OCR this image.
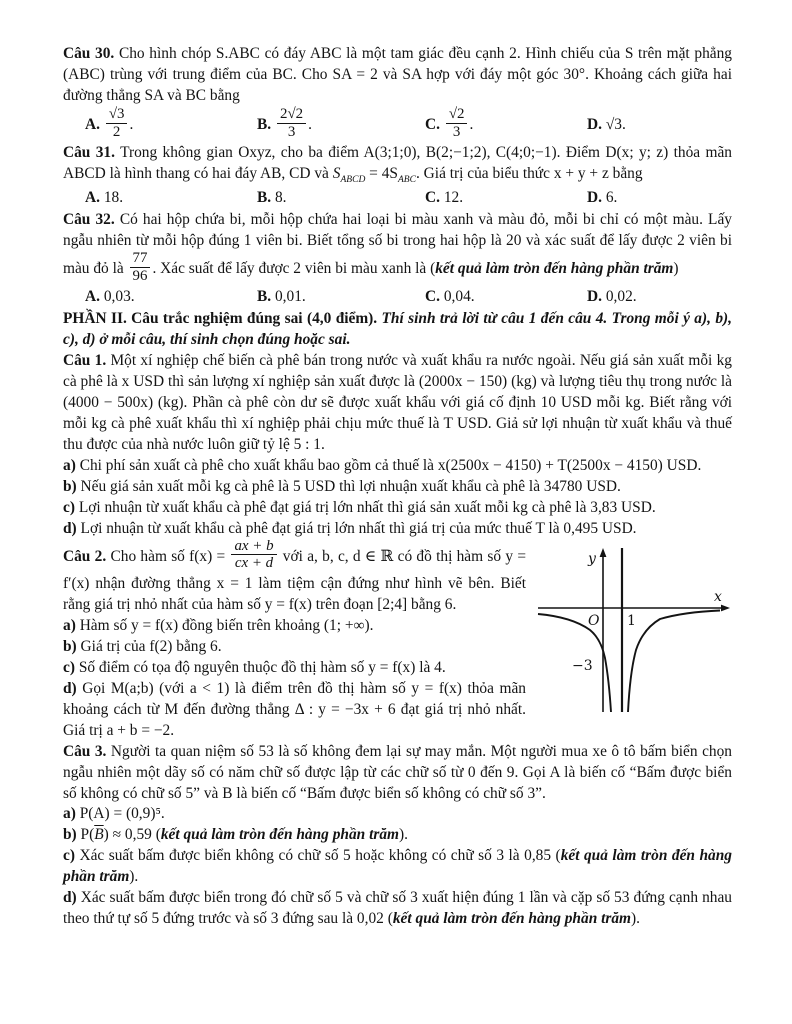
Câu 30. Cho hình chóp S.ABC có đáy ABC là một tam giác đều cạnh 2. Hình chiếu của S trên mặt phẳng (ABC) trùng với trung điểm của BC. Cho SA = 2 và SA hợp với đáy một góc 30°. Khoảng cách giữa hai đường thẳng SA và BC bằng

A. $\frac{√3}{2}$ .	B. $\frac{2√2}{3}$ .	C. $\frac{√2}{3}$ .	D. √3.

Câu 31. Trong không gian Oxyz, cho ba điểm A(3;1;0), B(2;−1;2), C(4;0;−1). Điểm D(x; y; z) thỏa mãn ABCD là hình thang có hai đáy AB, CD và $S_{ABCD} = 4S_{ABC}$. Giá trị của biểu thức x + y + z bằng

A. 18.	B. 8.	C. 12.	D. 6.

Câu 32. Có hai hộp chứa bi, mỗi hộp chứa hai loại bi màu xanh và màu đỏ, mỗi bi chỉ có một màu. Lấy ngẫu nhiên từ mỗi hộp đúng 1 viên bi. Biết tổng số bi trong hai hộp là 20 và xác suất để lấy được 2 viên bi màu đỏ là $\frac{77}{96}$ . Xác suất để lấy được 2 viên bi màu xanh là (kết quả làm tròn đến hàng phần trăm)

A. 0,03.	B. 0,01.	C. 0,04.	D. 0,02.

PHẦN II. Câu trắc nghiệm đúng sai (4,0 điểm). Thí sinh trả lời từ câu 1 đến câu 4. Trong mỗi ý a), b), c), d) ở mỗi câu, thí sinh chọn đúng hoặc sai.

Câu 1. Một xí nghiệp chế biến cà phê bán trong nước và xuất khẩu ra nước ngoài. Nếu giá sản xuất mỗi kg cà phê là x USD thì sản lượng xí nghiệp sản xuất được là (2000x − 150) (kg) và lượng tiêu thụ trong nước là (4000 − 500x) (kg). Phần cà phê còn dư sẽ được xuất khẩu với giá cố định 10 USD mỗi kg. Biết rằng với mỗi kg cà phê xuất khẩu thì xí nghiệp phải chịu mức thuế là T USD. Giả sử lợi nhuận từ xuất khẩu và thuế thu được của nhà nước luôn giữ tỷ lệ 5 : 1.

a) Chi phí sản xuất cà phê cho xuất khẩu bao gồm cả thuế là x(2500x − 4150) + T(2500x − 4150) USD.

b) Nếu giá sản xuất mỗi kg cà phê là 5 USD thì lợi nhuận xuất khẩu cà phê là 34780 USD.

c) Lợi nhuận từ xuất khẩu cà phê đạt giá trị lớn nhất thì giá sản xuất mỗi kg cà phê là 3,83 USD.

d) Lợi nhuận từ xuất khẩu cà phê đạt giá trị lớn nhất thì giá trị của mức thuế T là 0,495 USD.

y
x
O 1
−3

Câu 2. Cho hàm số $f(x) = \frac{ax + b}{cx + d}$ với a, b, c, d ∈ ℝ có đồ thị hàm số y = f′(x) nhận đường thẳng x = 1 làm tiệm cận đứng như hình vẽ bên. Biết rằng giá trị nhỏ nhất của hàm số y = f(x) trên đoạn [2;4] bằng 6.

a) Hàm số y = f(x) đồng biến trên khoảng (1; +∞).

b) Giá trị của f(2) bằng 6.

c) Số điểm có tọa độ nguyên thuộc đồ thị hàm số y = f(x) là 4.

d) Gọi M(a;b) (với a < 1) là điểm trên đồ thị hàm số y = f(x) thỏa mãn khoảng cách từ M đến đường thẳng Δ : y = −3x + 6 đạt giá trị nhỏ nhất. Giá trị a + b = −2.

Câu 3. Người ta quan niệm số 53 là số không đem lại sự may mắn. Một người mua xe ô tô bấm biển chọn ngẫu nhiên một dãy số có năm chữ số được lập từ các chữ số từ 0 đến 9. Gọi A là biến cố “Bấm được biển số không có chữ số 5” và B là biến cố “Bấm được biển số không có chữ số 3”.

a) P(A) = (0,9)⁵.

b) $P(\overline{B}) \approx 0,59$ (kết quả làm tròn đến hàng phần trăm).

c) Xác suất bấm được biển không có chữ số 5 hoặc không có chữ số 3 là 0,85 (kết quả làm tròn đến hàng phần trăm).

d) Xác suất bấm được biển trong đó chữ số 5 và chữ số 3 xuất hiện đúng 1 lần và cặp số 53 đứng cạnh nhau theo thứ tự số 5 đứng trước và số 3 đứng sau là 0,02 (kết quả làm tròn đến hàng phần trăm).
